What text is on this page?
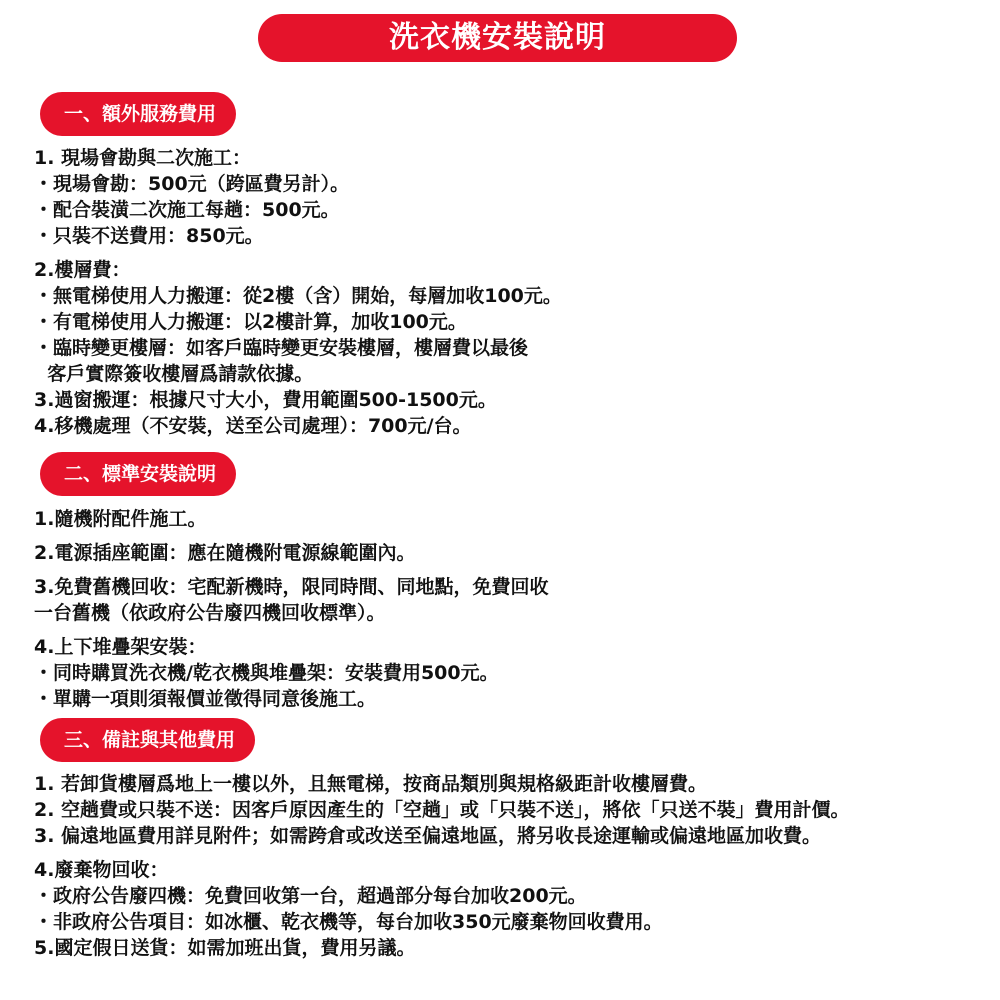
洗衣機安裝說明
一、額外服務費用
1. 現場會勘與二次施工：
・現場會勘：500元（跨區費另計）。
・配合裝潢二次施工每趟：500元。
・只裝不送費用：850元。
2.樓層費：
・無電梯使用人力搬運：從2樓（含）開始，每層加收100元。
・有電梯使用人力搬運：以2樓計算，加收100元。
・臨時變更樓層：如客戶臨時變更安裝樓層，樓層費以最後
客戶實際簽收樓層爲請款依據。
3.過窗搬運：根據尺寸大小，費用範圍500-1500元。
4.移機處理（不安裝，送至公司處理）：700元/台。
二、標準安裝說明
1.隨機附配件施工。
2.電源插座範圍：應在隨機附電源線範圍內。
3.免費舊機回收：宅配新機時，限同時間、同地點，免費回收
一台舊機（依政府公告廢四機回收標準）。
4.上下堆疊架安裝：
・同時購買洗衣機/乾衣機與堆疊架：安裝費用500元。
・單購一項則須報價並徵得同意後施工。
三、備註與其他費用
1. 若卸貨樓層爲地上一樓以外，且無電梯，按商品類別與規格級距計收樓層費。
2. 空趟費或只裝不送：因客戶原因產生的「空趟」或「只裝不送」，將依「只送不裝」費用計價。
3. 偏遠地區費用詳見附件；如需跨倉或改送至偏遠地區，將另收長途運輸或偏遠地區加收費。
4.廢棄物回收：
・政府公告廢四機：免費回收第一台，超過部分每台加收200元。
・非政府公告項目：如冰櫃、乾衣機等，每台加收350元廢棄物回收費用。
5.國定假日送貨：如需加班出貨，費用另議。
